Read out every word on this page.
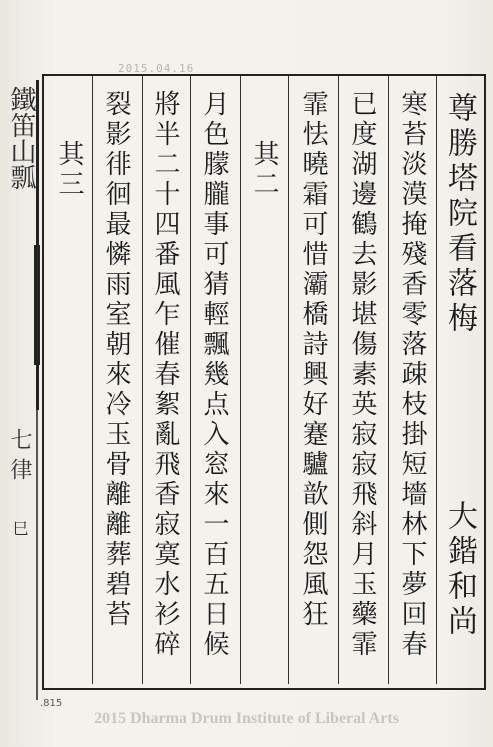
2015.04.16
鐵笛山瓢
七律
巳
尊勝塔院看落梅
大鍇和尚
寒苔淡漠掩殘香零落疎枝掛短墻林下夢回春
已度湖邊鶴去影堪傷素英寂寂飛斜月玉藥霏
霏怯曉霜可惜灞橋詩興好蹇驢歆側怨風狂
其二
月色朦朧事可猜輕飄幾点入窓來一百五日候
將半二十四番風乍催春絮亂飛香寂寞水衫碎
裂影徘徊最憐雨室朝來冷玉骨離離葬碧苔
其三
.815
2015 Dharma Drum Institute of Liberal Arts
